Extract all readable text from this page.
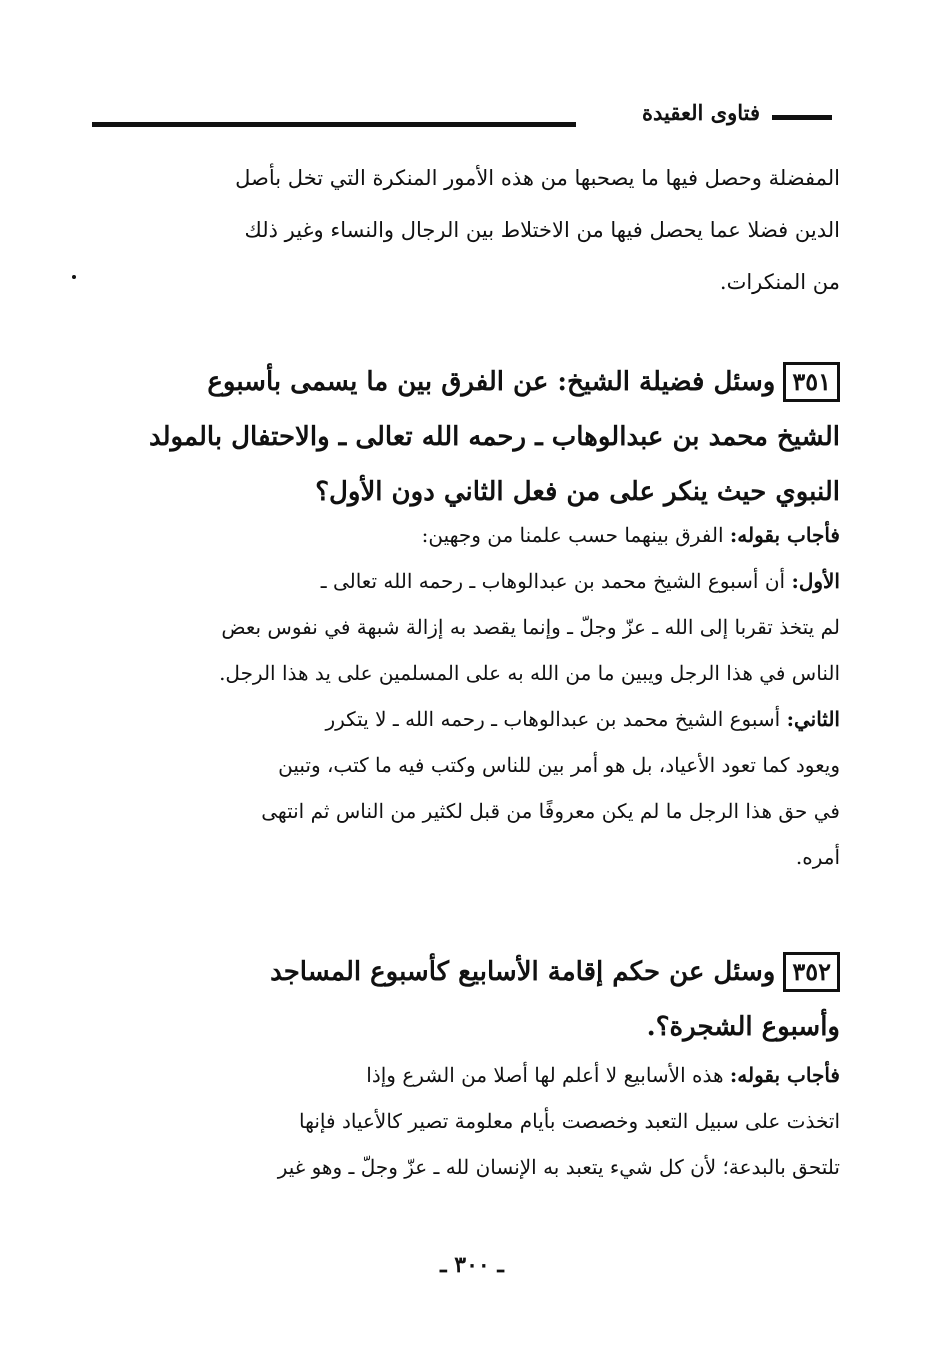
فتاوى العقيدة
المفضلة وحصل فيها ما يصحبها من هذه الأمور المنكرة التي تخل بأصل
الدين فضلا عما يحصل فيها من الاختلاط بين الرجال والنساء وغير ذلك
من المنكرات.
٣٥١وسئل فضيلة الشيخ: عن الفرق بين ما يسمى بأسبوع
الشيخ محمد بن عبدالوهاب ـ رحمه الله تعالى ـ والاحتفال بالمولد
النبوي حيث ينكر على من فعل الثاني دون الأول؟
فأجاب بقوله: الفرق بينهما حسب علمنا من وجهين:
الأول: أن أسبوع الشيخ محمد بن عبدالوهاب ـ رحمه الله تعالى ـ
لم يتخذ تقربا إلى الله ـ عزّ وجلّ ـ وإنما يقصد به إزالة شبهة في نفوس بعض
الناس في هذا الرجل ويبين ما من الله به على المسلمين على يد هذا الرجل.
الثاني: أسبوع الشيخ محمد بن عبدالوهاب ـ رحمه الله ـ لا يتكرر
ويعود كما تعود الأعياد، بل هو أمر بين للناس وكتب فيه ما كتب، وتبين
في حق هذا الرجل ما لم يكن معروفًا من قبل لكثير من الناس ثم انتهى
أمره.
٣٥٢وسئل عن حكم إقامة الأسابيع كأسبوع المساجد
وأسبوع الشجرة؟.
فأجاب بقوله: هذه الأسابيع لا أعلم لها أصلا من الشرع وإذا
اتخذت على سبيل التعبد وخصصت بأيام معلومة تصير كالأعياد فإنها
تلتحق بالبدعة؛ لأن كل شيء يتعبد به الإنسان لله ـ عزّ وجلّ ـ وهو غير
ـ ٣٠٠ ـ
